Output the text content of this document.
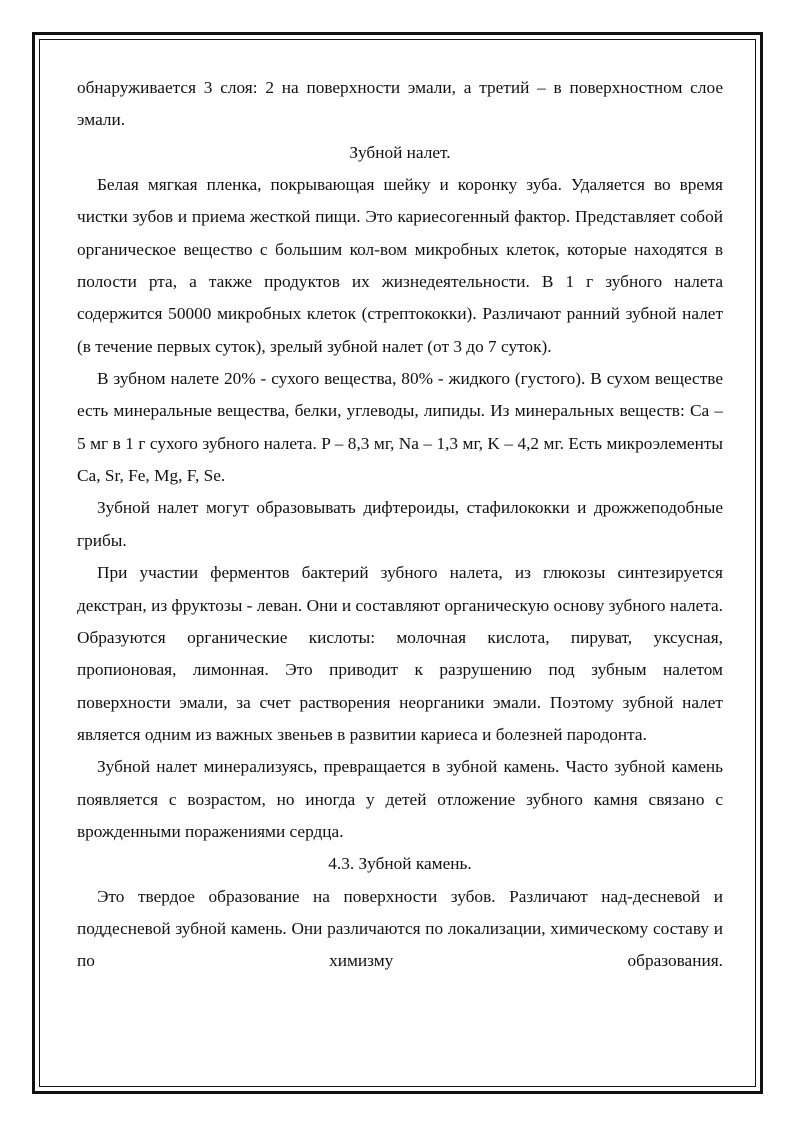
обнаруживается 3 слоя: 2 на поверхности эмали, а третий – в поверхностном слое эмали.

Зубной налет.

Белая мягкая пленка, покрывающая шейку и коронку зуба. Удаляется во время чистки зубов и приема жесткой пищи. Это кариесогенный фактор. Представляет собой органическое вещество с большим кол-вом микробных клеток, которые находятся в полости рта, а также продуктов их жизнедеятельности. В 1 г зубного налета содержится 50000 микробных клеток (стрептококки). Различают ранний зубной налет (в течение первых суток), зрелый зубной налет (от 3 до 7 суток).

В зубном налете 20% - сухого вещества, 80% - жидкого (густого). В сухом веществе есть минеральные вещества, белки, углеводы, липиды. Из минеральных веществ: Ca – 5 мг в 1 г сухого зубного налета. P – 8,3 мг, Na – 1,3 мг, K – 4,2 мг. Есть микроэлементы Ca, Sr, Fe, Mg, F, Se.

Зубной налет могут образовывать дифтероиды, стафилококки и дрожжеподобные грибы.

При участии ферментов бактерий зубного налета, из глюкозы синтезируется декстран, из фруктозы - леван. Они и составляют органическую основу зубного налета. Образуются органические кислоты: молочная кислота, пируват, уксусная, пропионовая, лимонная. Это приводит к разрушению под зубным налетом поверхности эмали, за счет растворения неорганики эмали. Поэтому зубной налет является одним из важных звеньев в развитии кариеса и болезней пародонта.

Зубной налет минерализуясь, превращается в зубной камень. Часто зубной камень появляется с возрастом, но иногда у детей отложение зубного камня связано с врожденными поражениями сердца.

4.3. Зубной камень.

Это твердое образование на поверхности зубов. Различают над-десневой и поддесневой зубной камень. Они различаются по локализации, химическому составу и по химизму образования.
